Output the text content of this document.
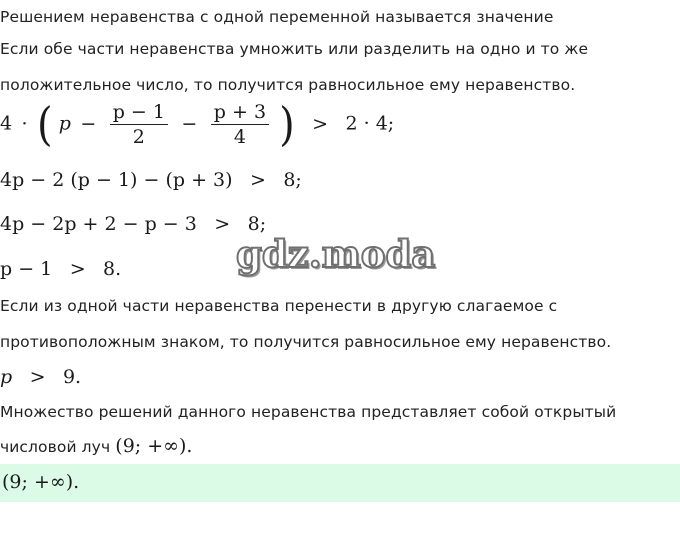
Решением неравенства с одной переменной называется значение
Если обе части неравенства умножить или разделить на одно и то же
положительное число, то получится равносильное ему неравенство.
4 · ( $p - \frac{p - 1}{2} - \frac{p + 3}{4}$ ) > 2 · 4;
4p − 2 (p − 1) − (p + 3) > 8;
4p − 2p + 2 − p − 3 > 8;
gdz.moda
p − 1 > 8.
Если из одной части неравенства перенести в другую слагаемое с
противоположным знаком, то получится равносильное ему неравенство.
p > 9.
Множество решений данного неравенства представляет собой открытый
числовой луч (9; +∞).
(9; +∞).
